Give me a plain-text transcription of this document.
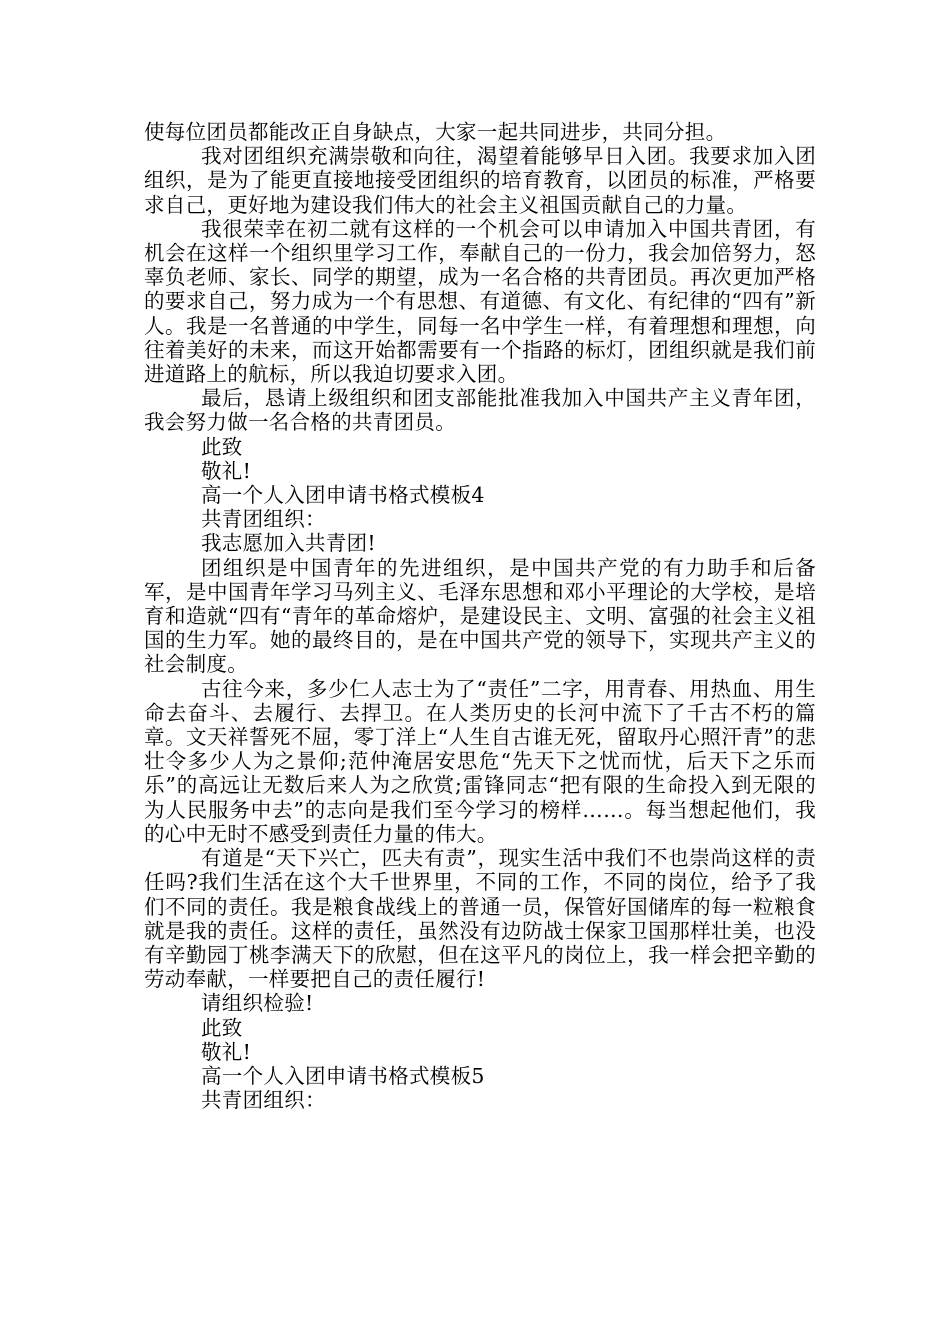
使每位团员都能改正自身缺点，大家一起共同进步，共同分担。

我对团组织充满崇敬和向往，渴望着能够早日入团。我要求加入团组织，是为了能更直接地接受团组织的培育教育，以团员的标准，严格要求自己，更好地为建设我们伟大的社会主义祖国贡献自己的力量。

我很荣幸在初二就有这样的一个机会可以申请加入中国共青团，有机会在这样一个组织里学习工作，奉献自己的一份力，我会加倍努力，怒辜负老师、家长、同学的期望，成为一名合格的共青团员。再次更加严格的要求自己，努力成为一个有思想、有道德、有文化、有纪律的“四有”新人。我是一名普通的中学生，同每一名中学生一样，有着理想和理想，向往着美好的未来，而这开始都需要有一个指路的标灯，团组织就是我们前进道路上的航标，所以我迫切要求入团。

最后，恳请上级组织和团支部能批准我加入中国共产主义青年团，我会努力做一名合格的共青团员。

此致

敬礼!

高一个人入团申请书格式模板4

共青团组织：

我志愿加入共青团!

团组织是中国青年的先进组织，是中国共产党的有力助手和后备军，是中国青年学习马列主义、毛泽东思想和邓小平理论的大学校，是培育和造就“四有“青年的革命熔炉，是建设民主、文明、富强的社会主义祖国的生力军。她的最终目的，是在中国共产党的领导下，实现共产主义的社会制度。

古往今来，多少仁人志士为了“责任”二字，用青春、用热血、用生命去奋斗、去履行、去捍卫。在人类历史的长河中流下了千古不朽的篇章。文天祥誓死不屈，零丁洋上“人生自古谁无死，留取丹心照汗青”的悲壮令多少人为之景仰;范仲淹居安思危“先天下之忧而忧，后天下之乐而乐”的高远让无数后来人为之欣赏;雷锋同志“把有限的生命投入到无限的为人民服务中去”的志向是我们至今学习的榜样……。每当想起他们，我的心中无时不感受到责任力量的伟大。

有道是“天下兴亡，匹夫有责”，现实生活中我们不也崇尚这样的责任吗?我们生活在这个大千世界里，不同的工作，不同的岗位，给予了我们不同的责任。我是粮食战线上的普通一员，保管好国储库的每一粒粮食就是我的责任。这样的责任，虽然没有边防战士保家卫国那样壮美，也没有辛勤园丁桃李满天下的欣慰，但在这平凡的岗位上，我一样会把辛勤的劳动奉献，一样要把自己的责任履行!

请组织检验!

此致

敬礼!

高一个人入团申请书格式模板5

共青团组织：
